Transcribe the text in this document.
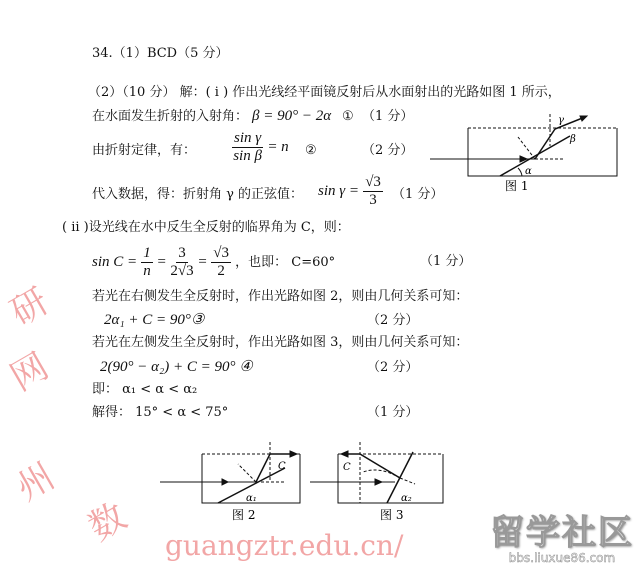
州
数
研
网
guangztr.edu.cn/
34.（1）BCD（5 分）
（2）（10 分） 解：( i ) 作出光线经平面镜反射后从水面射出的光路如图 1 所示，
在水面发生折射的入射角： β = 90° − 2α ① （1 分）
由折射定律，有： $\frac{\text{sin γ}}{\text{sin β}} = n$ ②	（2 分）
代入数据，得：折射角 γ 的正弦值： $\sin \gamma = \frac{√3}{3} (1$ 分）
( ii )设光线在水中反生全反射的临界角为 C，则：
$\sin C = \frac{1}{n} = \frac{3}{2√3} = \frac{√3}{2}$ ，也即： C=60°	（1 分）
若光在右侧发生全反射时，作出光路如图 2，则由几何关系可知：
2α₁ + C = 90°③	（2 分）
若光在左侧发生全反射时，作出光路如图 3，则由几何关系可知：
2(90° − α₂) + C = 90° ④	（2 分）
即： α₁ < α < α₂
解得： 15° < α < 75°	（1 分）
γ
β
α
图 1
C
α₁
图 2
C
α₂
图 3	留学社区
bbs.liuxue86.com
